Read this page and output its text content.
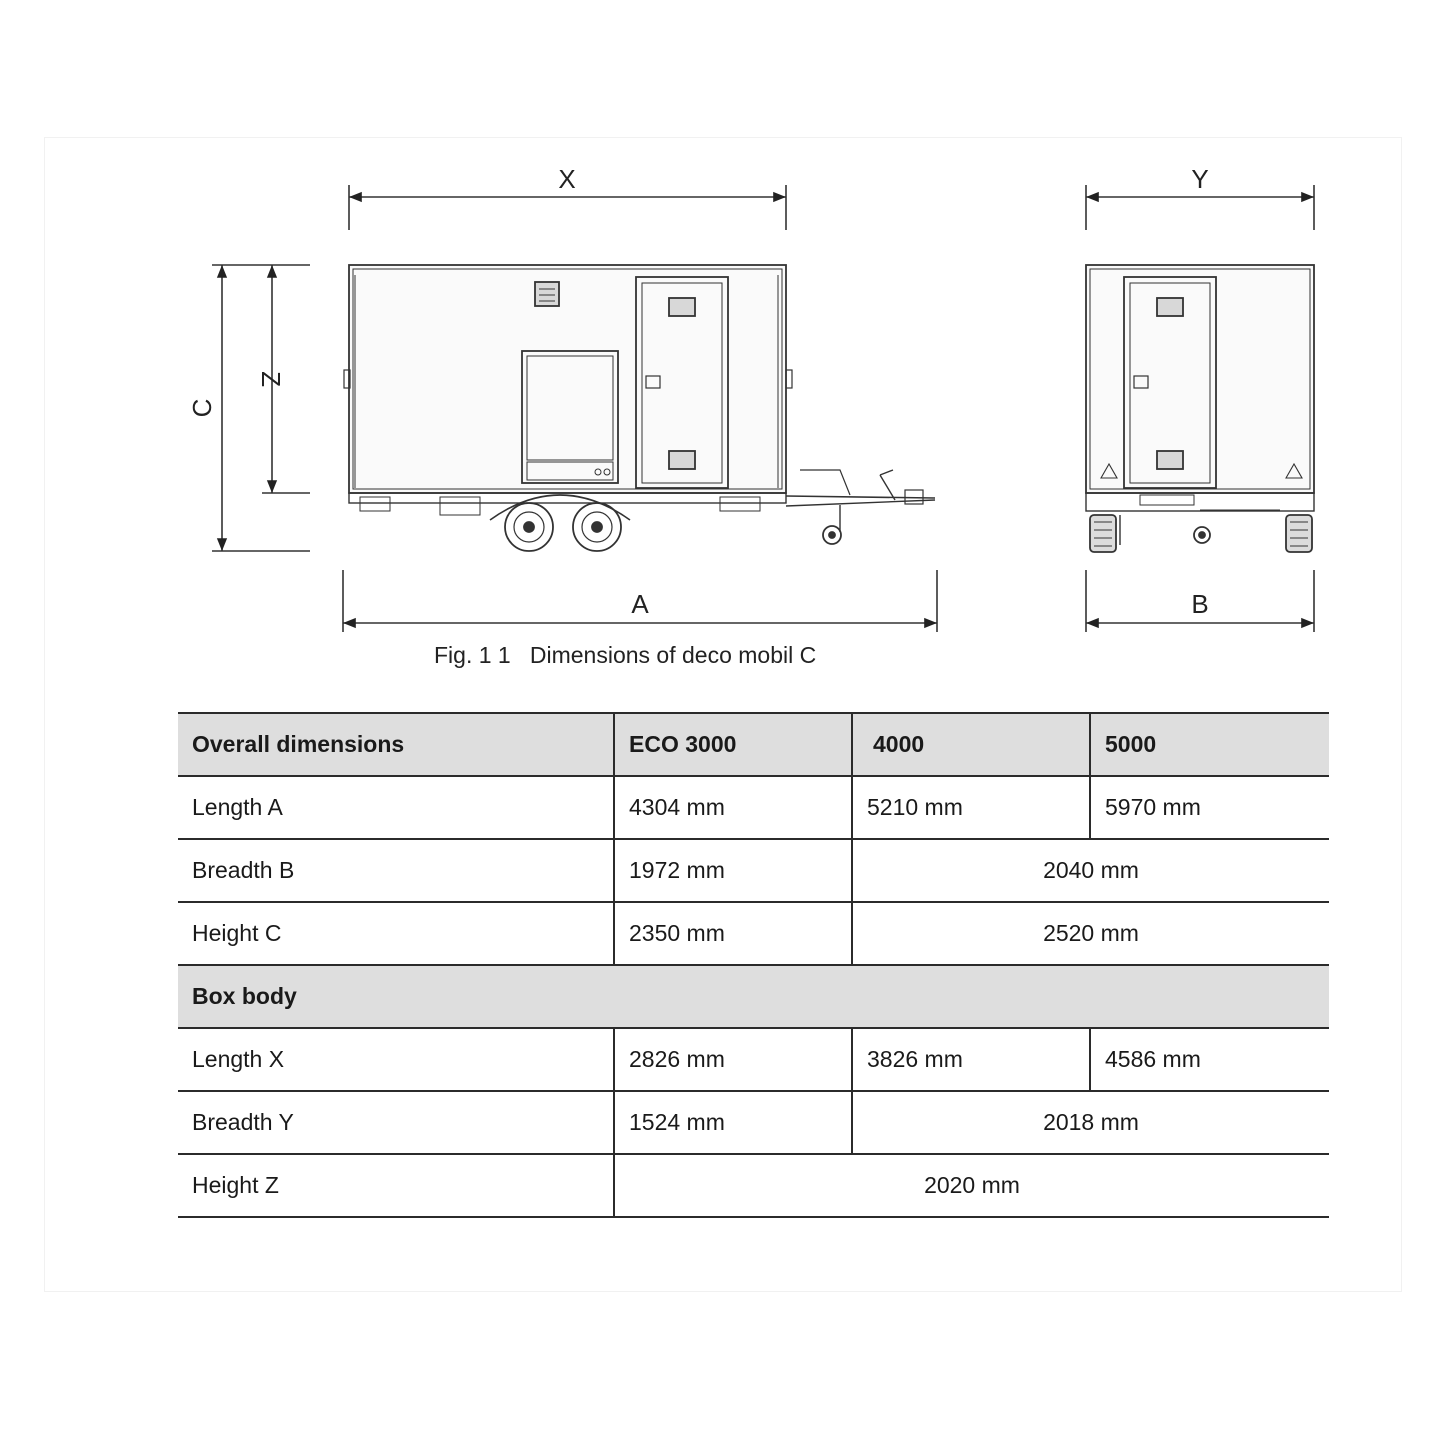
X	Y
C
Z
A	B
Fig. 1 1 Dimensions of deco mobil C
Overall dimensions	ECO 3000	4000	5000
Length A	4304 mm	5210 mm	5970 mm
Breadth B	1972 mm	2040 mm	
Height C	2350 mm	2520 mm	
Box body			
Length X	2826 mm	3826 mm	4586 mm
Breadth Y	1524 mm	2018 mm	
Height Z	2020 mm		
